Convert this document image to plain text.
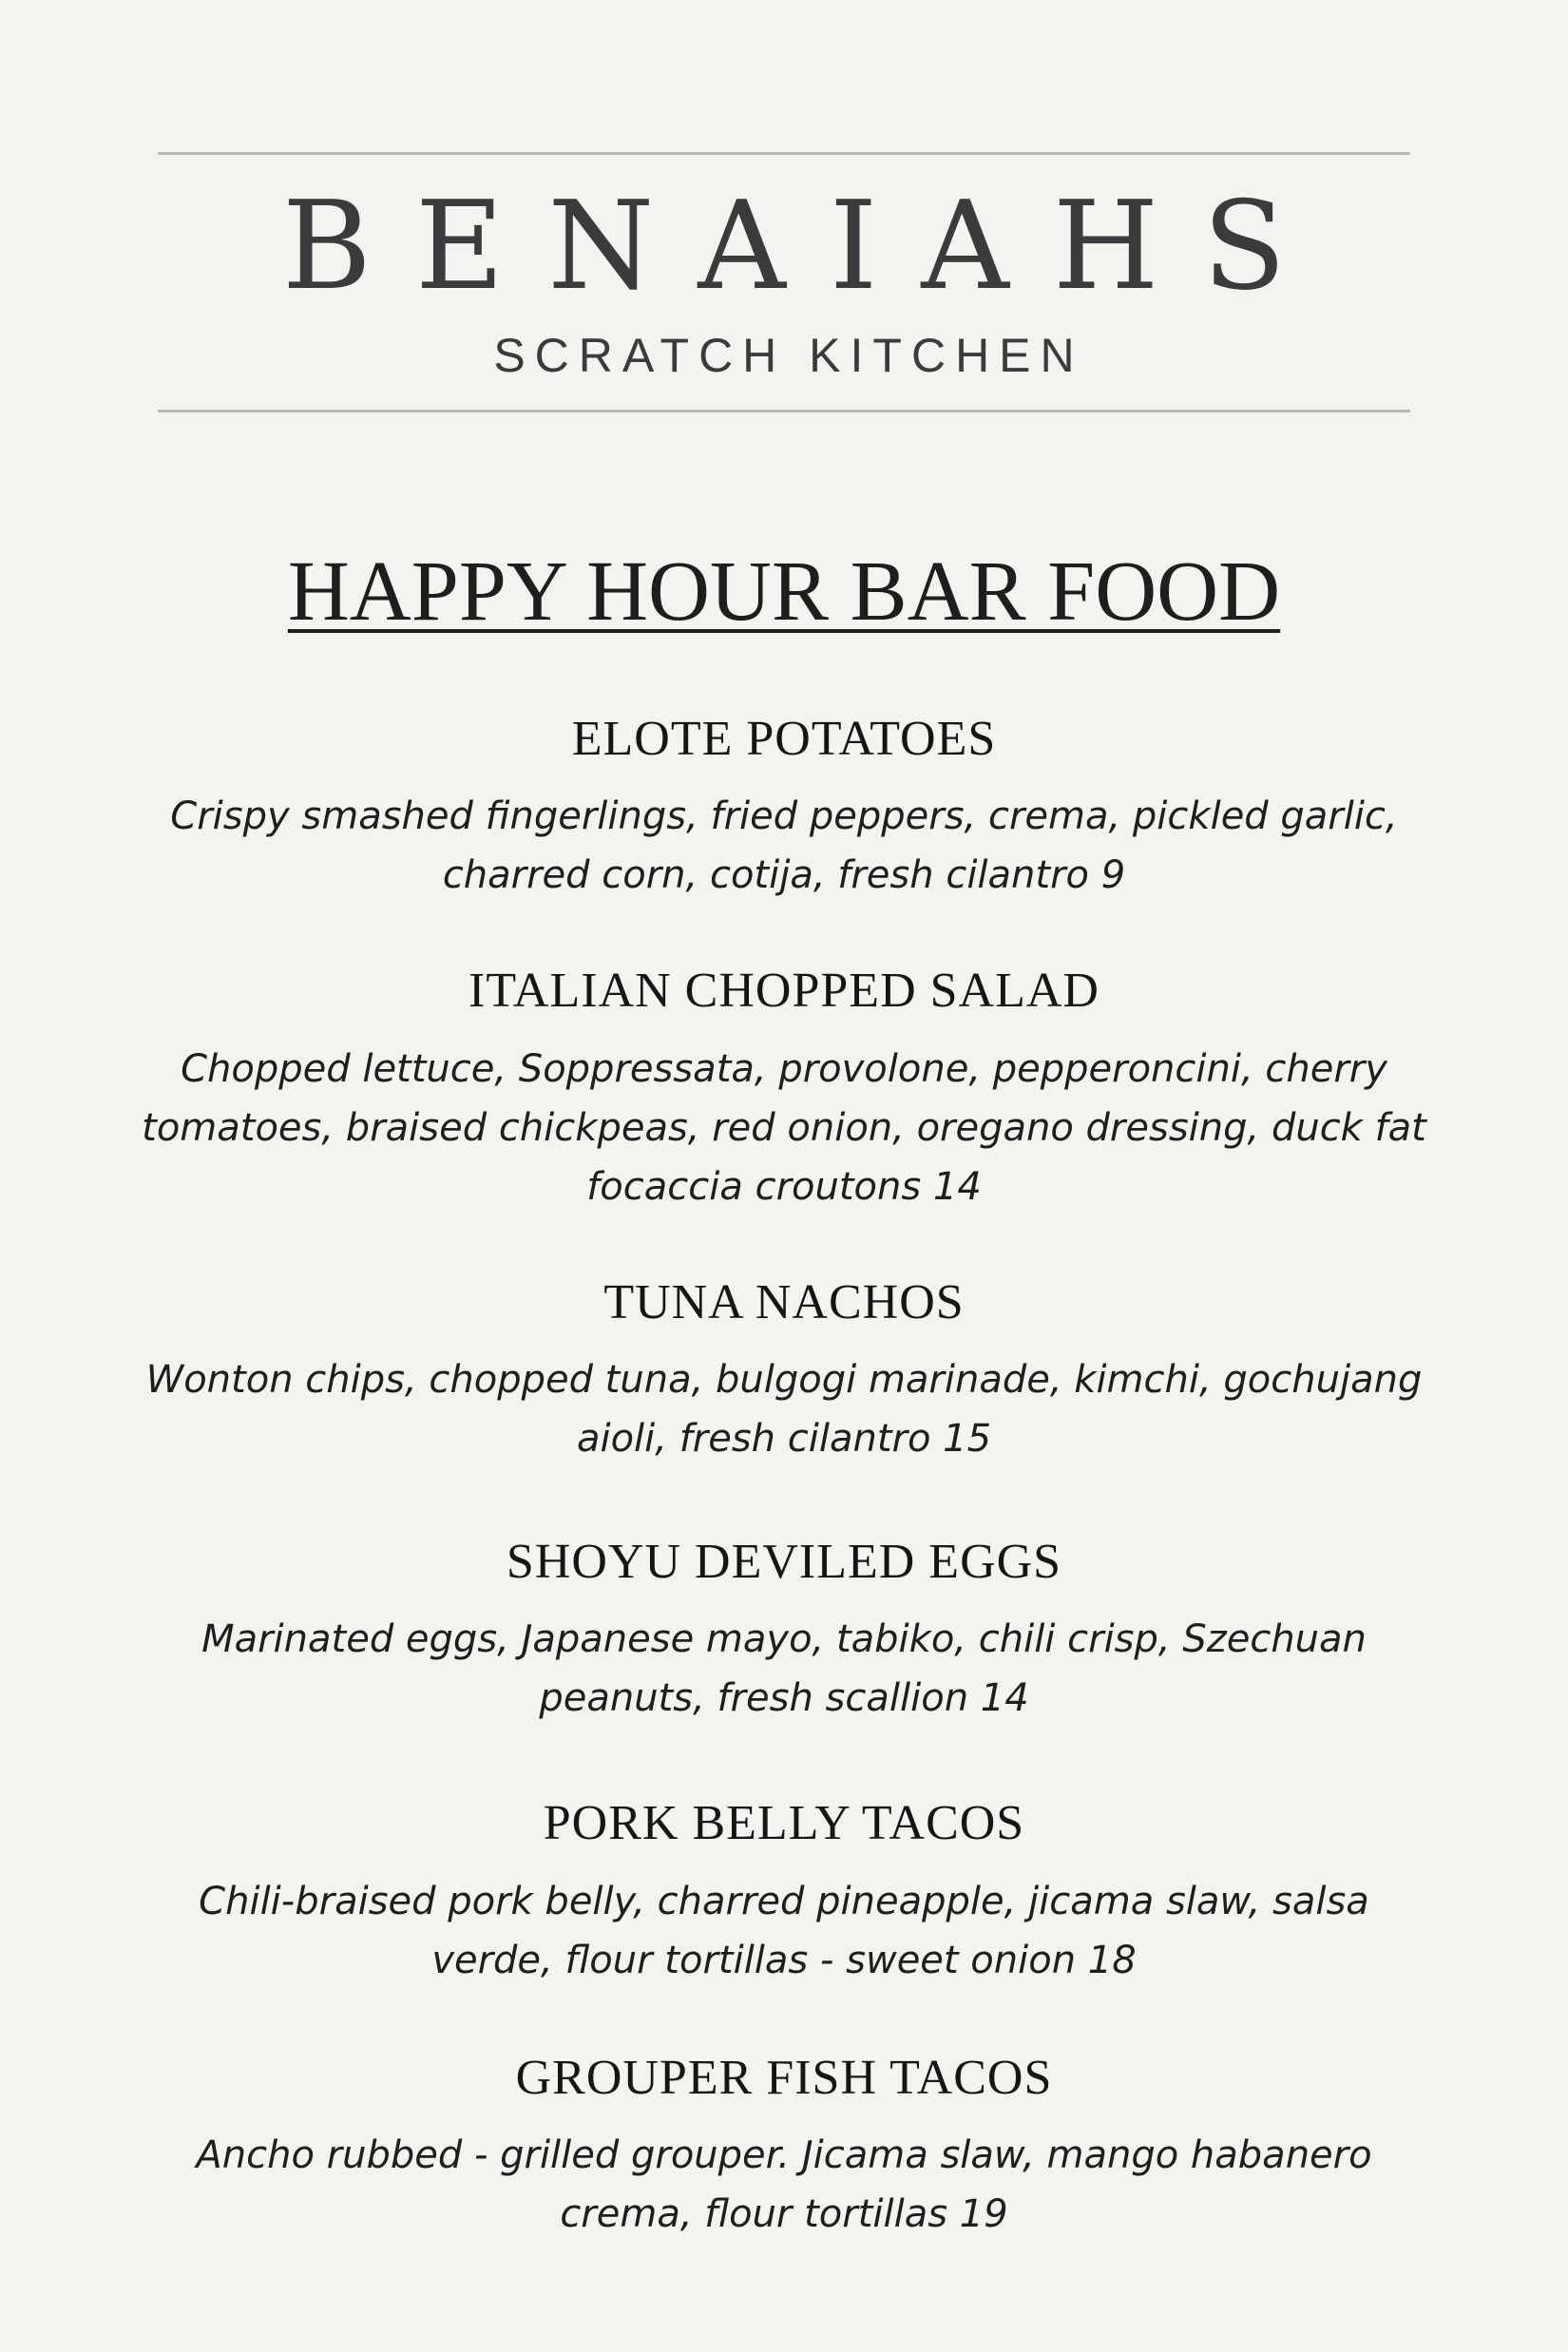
BENAIAHS
SCRATCH KITCHEN
HAPPY HOUR BAR FOOD
ELOTE POTATOES
Crispy smashed fingerlings, fried peppers, crema, pickled garlic, charred corn, cotija, fresh cilantro 9
ITALIAN CHOPPED SALAD
Chopped lettuce, Soppressata, provolone, pepperoncini, cherry tomatoes, braised chickpeas, red onion, oregano dressing, duck fat focaccia croutons 14
TUNA NACHOS
Wonton chips, chopped tuna, bulgogi marinade, kimchi, gochujang aioli, fresh cilantro 15
SHOYU DEVILED EGGS
Marinated eggs, Japanese mayo, tabiko, chili crisp, Szechuan peanuts, fresh scallion 14
PORK BELLY TACOS
Chili-braised pork belly, charred pineapple, jicama slaw, salsa verde, flour tortillas - sweet onion 18
GROUPER FISH TACOS
Ancho rubbed - grilled grouper. Jicama slaw, mango habanero crema, flour tortillas 19
